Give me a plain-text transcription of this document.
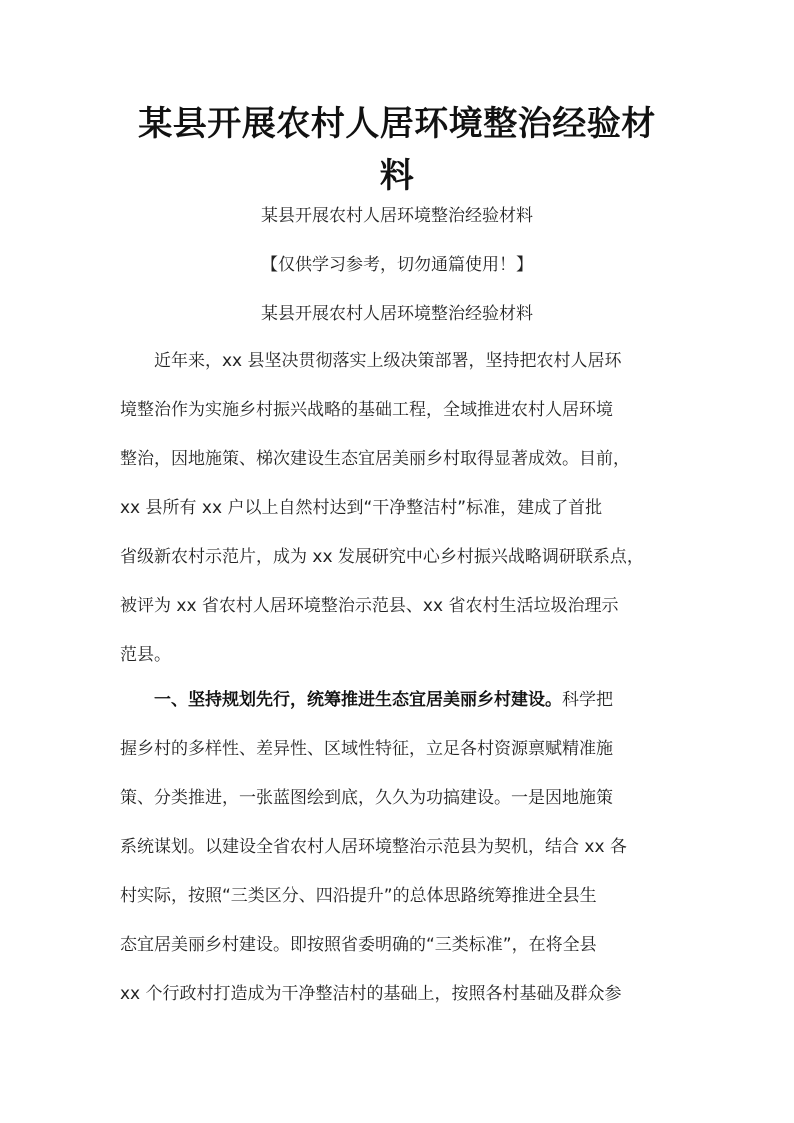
某县开展农村人居环境整治经验材
料
某县开展农村人居环境整治经验材料
【仅供学习参考，切勿通篇使用！】
某县开展农村人居环境整治经验材料
　　近年来，xx 县坚决贯彻落实上级决策部署，坚持把农村人居环
境整治作为实施乡村振兴战略的基础工程，全域推进农村人居环境
整治，因地施策、梯次建设生态宜居美丽乡村取得显著成效。目前，
xx 县所有 xx 户以上自然村达到“干净整洁村”标准，建成了首批
省级新农村示范片，成为 xx 发展研究中心乡村振兴战略调研联系点，
被评为 xx 省农村人居环境整治示范县、xx 省农村生活垃圾治理示
范县。
　　一、坚持规划先行，统筹推进生态宜居美丽乡村建设。科学把
握乡村的多样性、差异性、区域性特征，立足各村资源禀赋精准施
策、分类推进，一张蓝图绘到底，久久为功搞建设。一是因地施策
系统谋划。以建设全省农村人居环境整治示范县为契机，结合 xx 各
村实际，按照“三类区分、四沿提升”的总体思路统筹推进全县生
态宜居美丽乡村建设。即按照省委明确的“三类标准”，在将全县
xx 个行政村打造成为干净整洁村的基础上，按照各村基础及群众参
